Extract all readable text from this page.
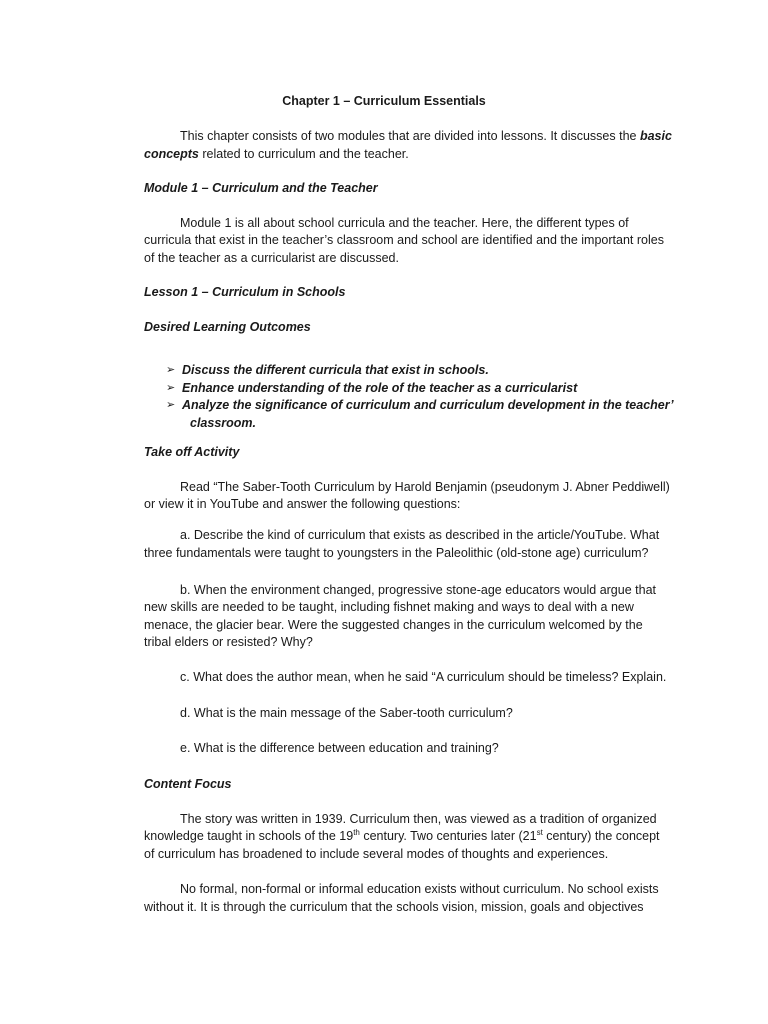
Chapter 1 – Curriculum Essentials

This chapter consists of two modules that are divided into lessons. It discusses the basic

concepts related to curriculum and the teacher.

Module 1 – Curriculum and the Teacher

Module 1 is all about school curricula and the teacher. Here, the different types of

curricula that exist in the teacher’s classroom and school are identified and the important roles

of the teacher as a curricularist are discussed.

Lesson 1 – Curriculum in Schools

Desired Learning Outcomes

➢ Discuss the different curricula that exist in schools.
➢ Enhance understanding of the role of the teacher as a curricularist
➢ Analyze the significance of curriculum and curriculum development in the teacher’
classroom.

Take off Activity

Read “The Saber-Tooth Curriculum by Harold Benjamin (pseudonym J. Abner Peddiwell)

or view it in YouTube and answer the following questions:

a. Describe the kind of curriculum that exists as described in the article/YouTube. What

three fundamentals were taught to youngsters in the Paleolithic (old-stone age) curriculum?

b. When the environment changed, progressive stone-age educators would argue that

new skills are needed to be taught, including fishnet making and ways to deal with a new

menace, the glacier bear. Were the suggested changes in the curriculum welcomed by the

tribal elders or resisted? Why?

c. What does the author mean, when he said “A curriculum should be timeless? Explain.

d. What is the main message of the Saber-tooth curriculum?

e. What is the difference between education and training?

Content Focus

The story was written in 1939. Curriculum then, was viewed as a tradition of organized

knowledge taught in schools of the 19th century. Two centuries later (21st century) the concept

of curriculum has broadened to include several modes of thoughts and experiences.

No formal, non-formal or informal education exists without curriculum. No school exists

without it. It is through the curriculum that the schools vision, mission, goals and objectives
